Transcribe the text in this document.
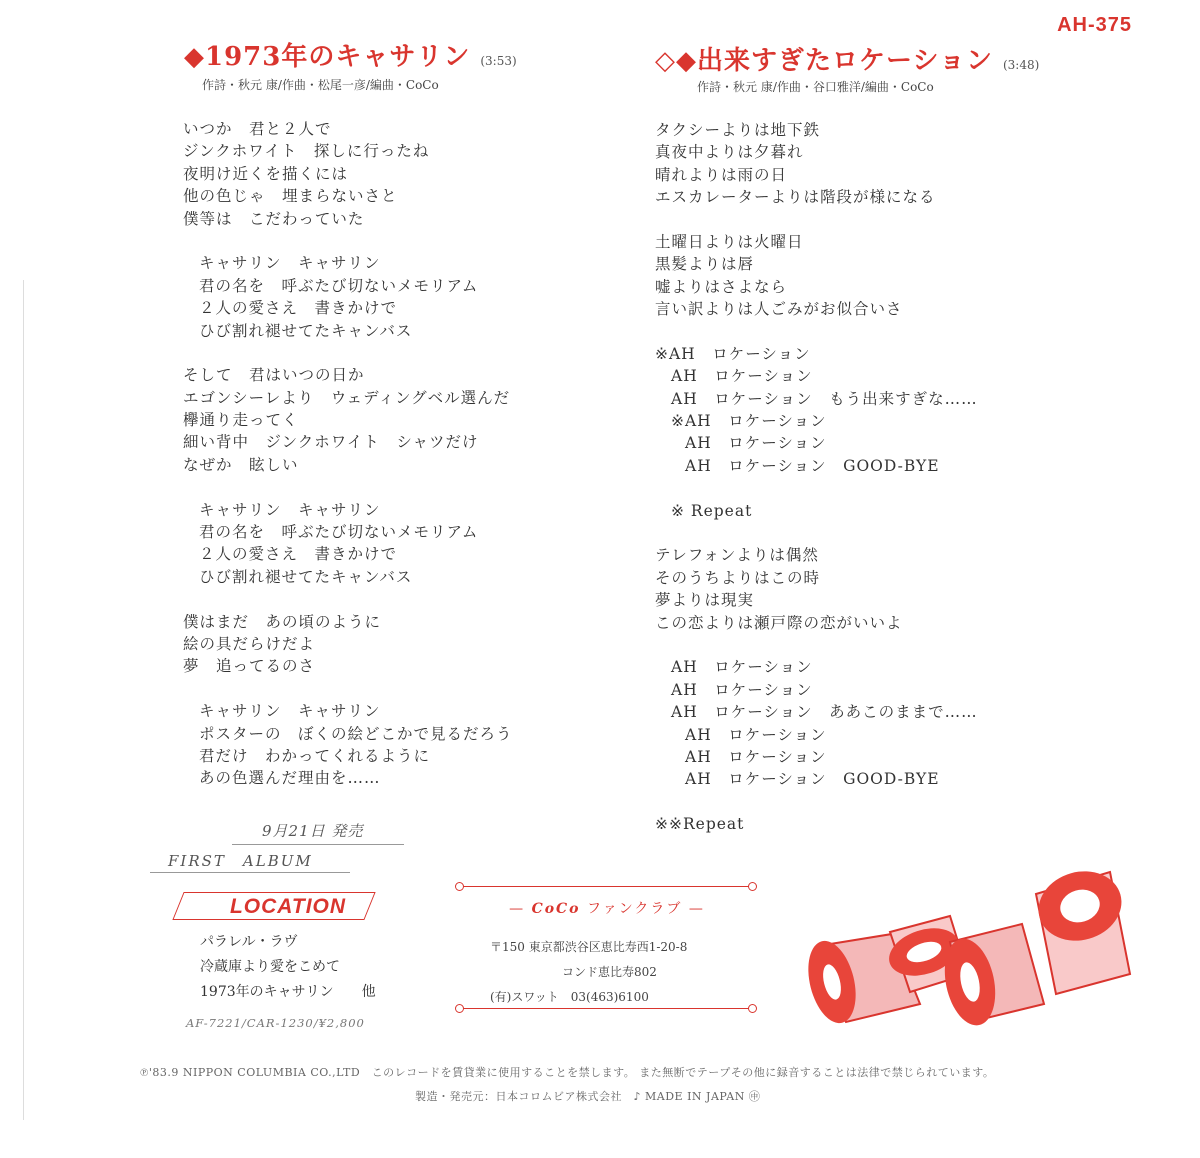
AH-375
◆1973年のキャサリン (3:53)
作詩・秋元 康/作曲・松尾一彦/編曲・CoCo
いつか　君と２人で
ジンクホワイト　探しに行ったね
夜明け近くを描くには
他の色じゃ　埋まらないさと
僕等は　こだわっていた
キャサリン　キャサリン
君の名を　呼ぶたび切ないメモリアム
２人の愛さえ　書きかけで
ひび割れ褪せてたキャンバス
そして　君はいつの日か
エゴンシーレより　ウェディングベル選んだ
欅通り走ってく
細い背中　ジンクホワイト　シャツだけ
なぜか　眩しい
キャサリン　キャサリン
君の名を　呼ぶたび切ないメモリアム
２人の愛さえ　書きかけで
ひび割れ褪せてたキャンバス
僕はまだ　あの頃のように
絵の具だらけだよ
夢　追ってるのさ
キャサリン　キャサリン
ポスターの　ぼくの絵どこかで見るだろう
君だけ　わかってくれるように
あの色選んだ理由を……
◇◆出来すぎたロケーション (3:48)
作詩・秋元 康/作曲・谷口雅洋/編曲・CoCo
タクシーよりは地下鉄
真夜中よりは夕暮れ
晴れよりは雨の日
エスカレーターよりは階段が様になる
土曜日よりは火曜日
黒髪よりは唇
嘘よりはさよなら
言い訳よりは人ごみがお似合いさ
※AH　ロケーション
AH　ロケーション
AH　ロケーション　もう出来すぎな……
※AH　ロケーション
AH　ロケーション
AH　ロケーション　GOOD-BYE
※ Repeat
テレフォンよりは偶然
そのうちよりはこの時
夢よりは現実
この恋よりは瀬戸際の恋がいいよ
AH　ロケーション
AH　ロケーション
AH　ロケーション　ああこのままで……
AH　ロケーション
AH　ロケーション
AH　ロケーション　GOOD-BYE
※※Repeat
9月21日 発売
FIRST　ALBUM
LOCATION
パラレル・ラヴ
冷蔵庫より愛をこめて
1973年のキャサリン　　他
AF-7221/CAR-1230/¥2,800
— CoCo ファンクラブ —
〒150 東京都渋谷区恵比寿西1-20-8
　　　　　　コンド恵比寿802
(有)スワット　03(463)6100
℗'83.9 NIPPON COLUMBIA CO.,LTD　このレコードを賃貸業に使用することを禁します。 また無断でテープその他に録音することは法律で禁じられています。
製造・発売元：日本コロムビア株式会社　♪ MADE IN JAPAN ㊥
